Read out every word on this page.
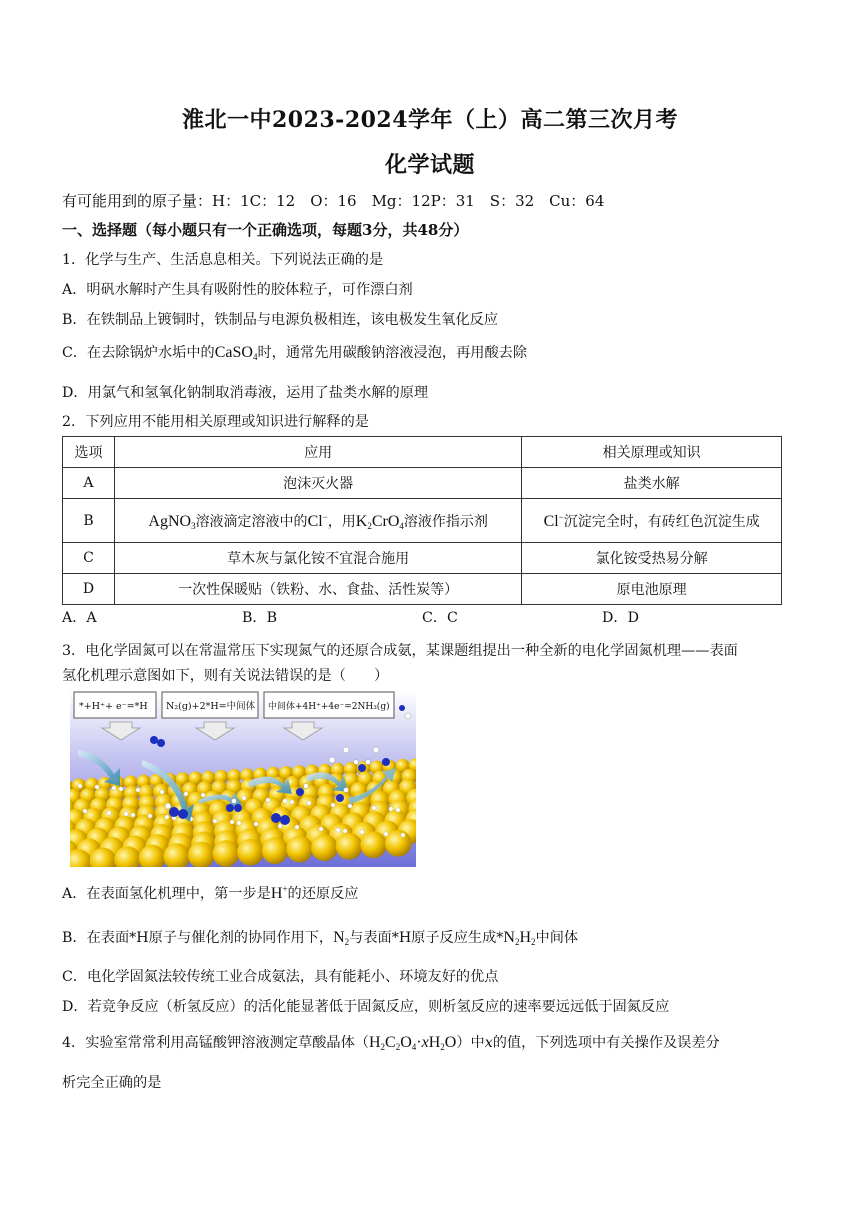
淮北一中2023-2024学年（上）高二第三次月考
化学试题
有可能用到的原子量：H：1C：12　O：16　Mg：12P：31　S：32　Cu：64
一、选择题（每小题只有一个正确选项，每题3分，共48分）
1．化学与生产、生活息息相关。下列说法正确的是
A．明矾水解时产生具有吸附性的胶体粒子，可作漂白剂
B．在铁制品上镀铜时，铁制品与电源负极相连，该电极发生氧化反应
C．在去除锅炉水垢中的CaSO$_4$时，通常先用碳酸钠溶液浸泡，再用酸去除
D．用氯气和氢氧化钠制取消毒液，运用了盐类水解的原理
2．下列应用不能用相关原理或知识进行解释的是
选项	应用	相关原理或知识
A	泡沫灭火器	盐类水解
B	AgNO$_3$溶液滴定溶液中的Cl−，用$K_2CrO_4$溶液作指示剂	Cl−沉淀完全时，有砖红色沉淀生成
C	草木灰与氯化铵不宜混合施用	氯化铵受热易分解
D	一次性保暖贴（铁粉、水、食盐、活性炭等）	原电池原理
A．A	B．B	C．C	D．D
3．电化学固氮可以在常温常压下实现氮气的还原合成氨，某课题组提出一种全新的电化学固氮机理——表面
氢化机理示意图如下，则有关说法错误的是（　　）
*+H⁺+ e⁻=*H N₂(g)+2*H=中间体 中间体+4H⁺+4e⁻=2NH₃(g)
A．在表面氢化机理中，第一步是H+的还原反应
B．在表面*H原子与催化剂的协同作用下，$N_2$与表面*H原子反应生成$*N_2H_2$中间体
C．电化学固氮法较传统工业合成氨法，具有能耗小、环境友好的优点
D．若竞争反应（析氢反应）的活化能显著低于固氮反应，则析氢反应的速率要远远低于固氮反应
4．实验室常常利用高锰酸钾溶液测定草酸晶体$(H_2C_2O_4\cdot xH_2O)$中x的值，下列选项中有关操作及误差分
析完全正确的是
